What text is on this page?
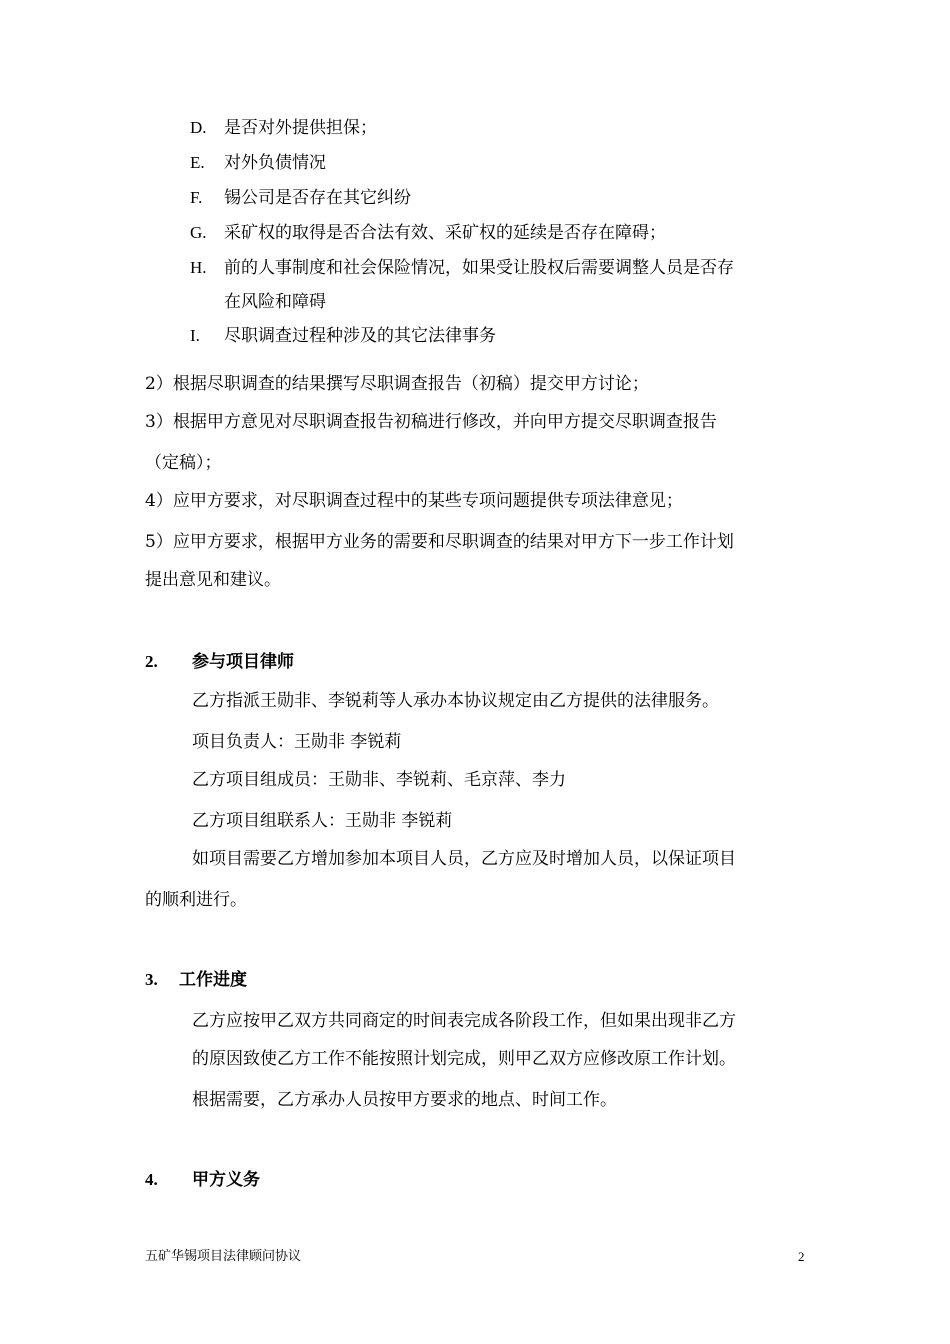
D. 是否对外提供担保；
E. 对外负债情况
F. 锡公司是否存在其它纠纷
G. 采矿权的取得是否合法有效、采矿权的延续是否存在障碍；
H. 前的人事制度和社会保险情况，如果受让股权后需要调整人员是否存
在风险和障碍
I. 尽职调查过程种涉及的其它法律事务
2）根据尽职调查的结果撰写尽职调查报告（初稿）提交甲方讨论；
3）根据甲方意见对尽职调查报告初稿进行修改，并向甲方提交尽职调查报告
（定稿）；
4）应甲方要求，对尽职调查过程中的某些专项问题提供专项法律意见；
5）应甲方要求，根据甲方业务的需要和尽职调查的结果对甲方下一步工作计划
提出意见和建议。
2. 参与项目律师
乙方指派王勋非、李锐莉等人承办本协议规定由乙方提供的法律服务。
项目负责人：王勋非 李锐莉
乙方项目组成员：王勋非、李锐莉、毛京萍、李力
乙方项目组联系人：王勋非 李锐莉
如项目需要乙方增加参加本项目人员，乙方应及时增加人员，以保证项目
的顺利进行。
3. 工作进度
乙方应按甲乙双方共同商定的时间表完成各阶段工作，但如果出现非乙方
的原因致使乙方工作不能按照计划完成，则甲乙双方应修改原工作计划。
根据需要，乙方承办人员按甲方要求的地点、时间工作。
4. 甲方义务
五矿华锡项目法律顾问协议	2
